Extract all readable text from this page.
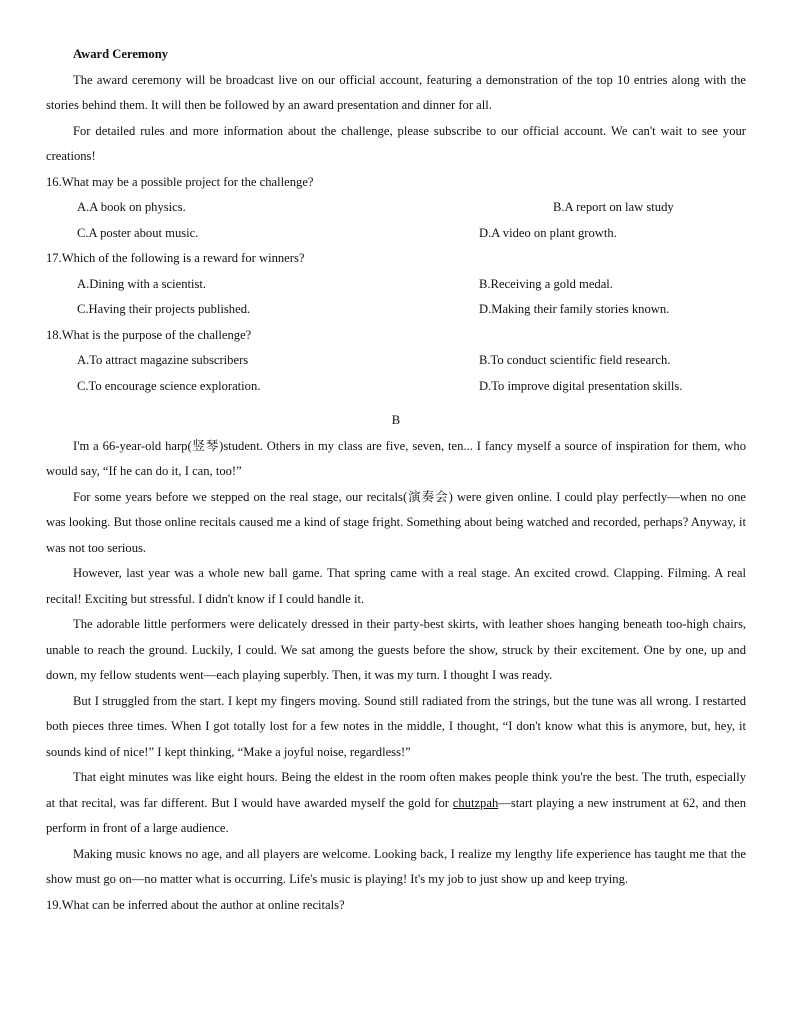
Award Ceremony

The award ceremony will be broadcast live on our official account, featuring a demonstration of the top 10 entries along with the stories behind them. It will then be followed by an award presentation and dinner for all.

For detailed rules and more information about the challenge, please subscribe to our official account. We can't wait to see your creations!

16.What may be a possible project for the challenge?

A.A book on physics.	B.A report on law study
C.A poster about music.	D.A video on plant growth.

17.Which of the following is a reward for winners?

A.Dining with a scientist.	B.Receiving a gold medal.
C.Having their projects published.	D.Making their family stories known.

18.What is the purpose of the challenge?

A.To attract magazine subscribers	B.To conduct scientific field research.
C.To encourage science exploration.	D.To improve digital presentation skills.
B

I'm a 66-year-old harp(竖琴)student. Others in my class are five, seven, ten... I fancy myself a source of inspiration for them, who would say, “If he can do it, I can, too!”

For some years before we stepped on the real stage, our recitals(演奏会) were given online. I could play perfectly—when no one was looking. But those online recitals caused me a kind of stage fright. Something about being watched and recorded, perhaps? Anyway, it was not too serious.

However, last year was a whole new ball game. That spring came with a real stage. An excited crowd. Clapping. Filming. A real recital! Exciting but stressful. I didn't know if I could handle it.

The adorable little performers were delicately dressed in their party-best skirts, with leather shoes hanging beneath too-high chairs, unable to reach the ground. Luckily, I could. We sat among the guests before the show, struck by their excitement. One by one, up and down, my fellow students went—each playing superbly. Then, it was my turn. I thought I was ready.

But I struggled from the start. I kept my fingers moving. Sound still radiated from the strings, but the tune was all wrong. I restarted both pieces three times. When I got totally lost for a few notes in the middle, I thought, “I don't know what this is anymore, but, hey, it sounds kind of nice!” I kept thinking, “Make a joyful noise, regardless!”

That eight minutes was like eight hours. Being the eldest in the room often makes people think you're the best. The truth, especially at that recital, was far different. But I would have awarded myself the gold for chutzpah—start playing a new instrument at 62, and then perform in front of a large audience.

Making music knows no age, and all players are welcome. Looking back, I realize my lengthy life experience has taught me that the show must go on—no matter what is occurring. Life's music is playing! It's my job to just show up and keep trying.

19.What can be inferred about the author at online recitals?
